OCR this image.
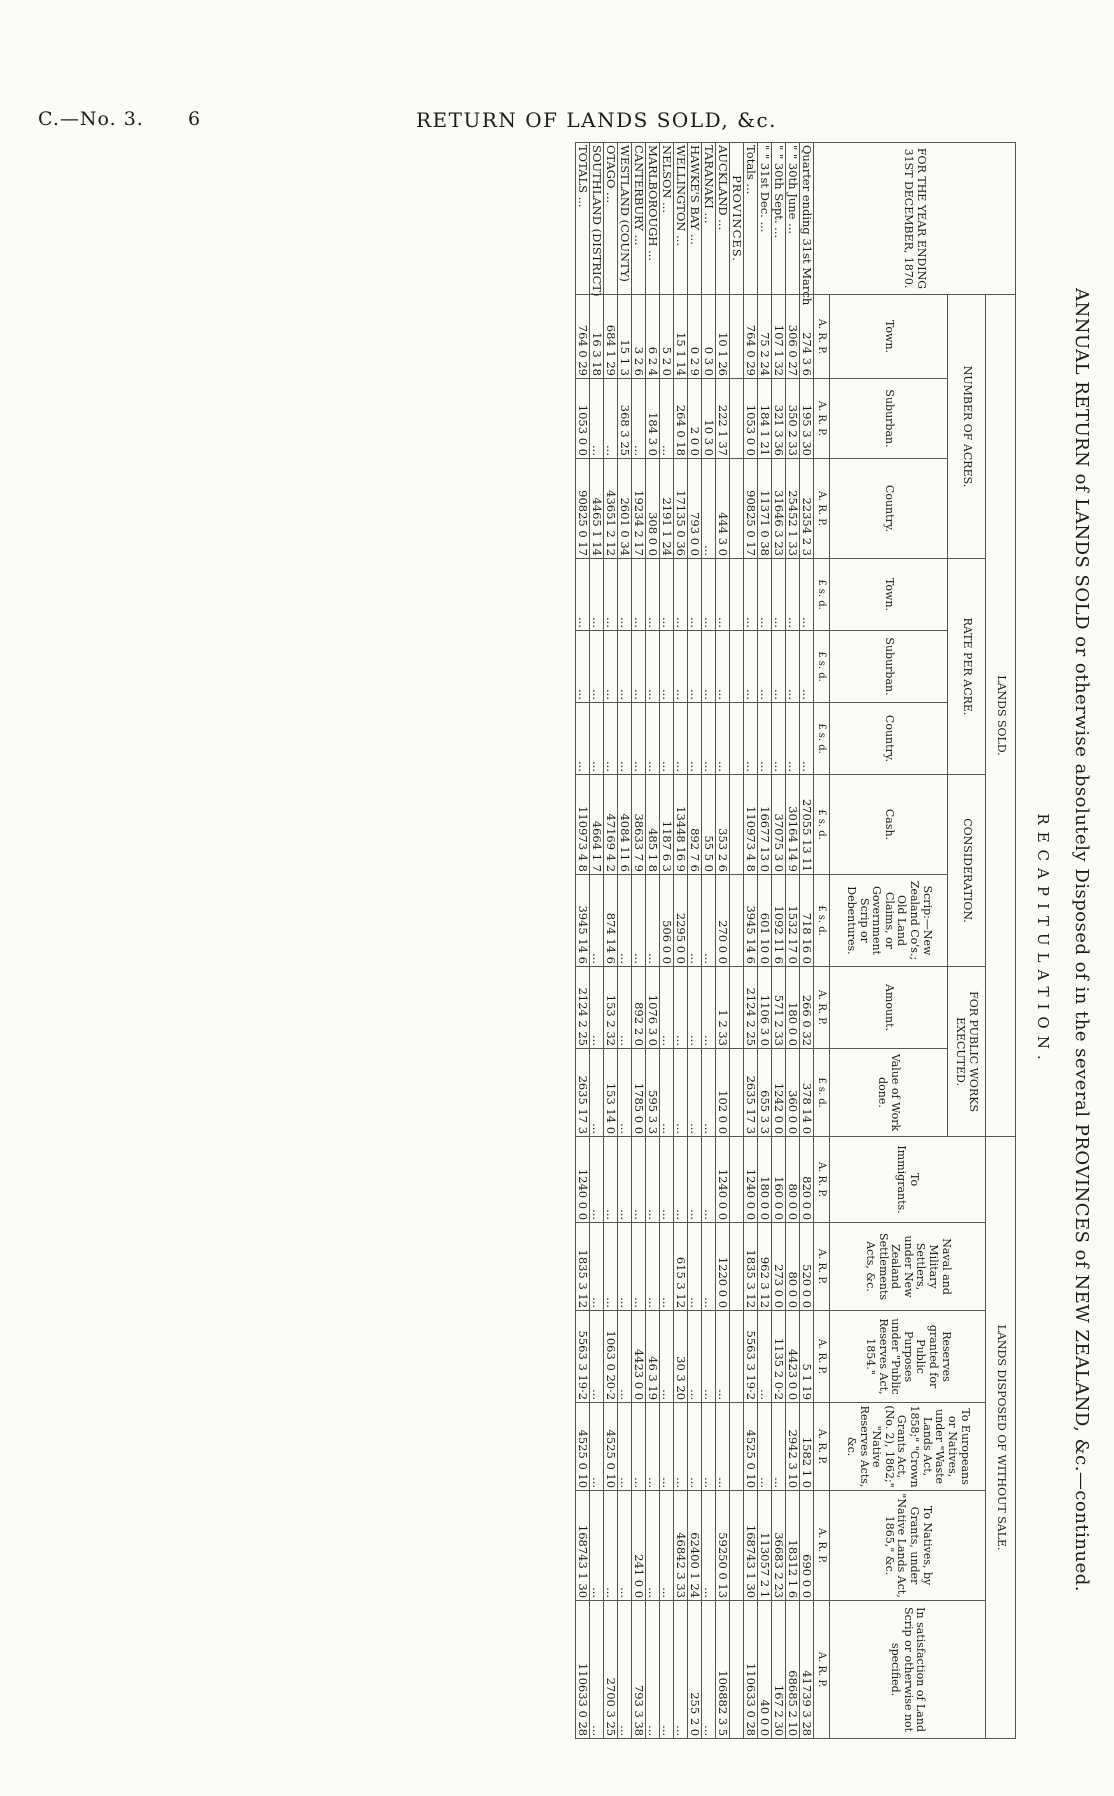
C.—No. 3. 6	RETURN OF LANDS SOLD, &c.
ANNUAL RETURN of LANDS SOLD or otherwise absolutely Disposed of in the several PROVINCES of NEW ZEALAND, &c.—continued.
RECAPITULATION.
FOR THE YEAR ENDING 31ST DECEMBER, 1870.	LANDS SOLD.										LANDS DISPOSED OF WITHOUT SALE.					
	NUMBER OF ACRES.			RATE PER ACRE.			CONSIDERATION.		FOR PUBLIC WORKS EXECUTED.		To Immigrants.	Naval and Military Settlers, under New Zealand Settlements Acts, &c.	Reserves granted for Public Purposes under "Public Reserves Act, 1854."	To Europeans or Natives, under "Waste Lands Act, 1858;" "Crown Grants Act, (No. 2), 1862;" "Native Reserves Acts, &c.	To Natives, by Grants, under "Native Lands Act, 1865," &c.	In satisfaction of Land Scrip or otherwise not specified.
	Town.	Suburban.	Country.	Town.	Suburban.	Country.	Cash.	Scrip:—New Zealand Co's.; Old Land Claims, or Government Scrip or Debentures.	Amount.	Value of Work done.						
	A. R. P.	A. R. P.	A. R. P.	£ s. d.	£ s. d.	£ s. d.	£ s. d.	£ s. d.	A. R. P.	£ s. d.	A. R. P.	A. R. P.	A. R. P.	A. R. P.	A. R. P.	A. R. P.
Quarter ending 31st March	274 3 6	195 3 30	22354 2 3	...	...	...	27055 13 11	718 16 0	266 0 32	378 14 0	820 0 0	520 0 0	5 1 19	1582 1 0	690 0 0	41739 3 28
" " 30th June ...	306 0 27	350 2 33	25452 1 33	...	...	...	30164 14 9	1532 17 0	180 0 0	360 0 0	80 0 0	80 0 0	4423 0 0	2942 3 10	18312 1 6	68685 2 10
" " 30th Sept. ...	107 1 32	321 3 36	31646 3 23	...	...	...	37075 3 0	1092 11 6	571 2 33	1242 0 0	160 0 0	273 0 0	1135 2 0·2	...	36683 2 23	167 2 30
" " 31st Dec. ...	75 2 24	184 1 21	11371 0 38	...	...	...	16677 13 0	601 10 0	1106 3 0	655 3 3	180 0 0	962 3 12	...	...	113057 2 1	40 0 0
Totals ...	764 0 29	1053 0 0	90825 0 17	...	...	...	110973 4 8	3945 14 6	2124 2 25	2635 17 3	1240 0 0	1835 3 12	5563 3 19·2	4525 0 10	168743 1 30	110633 0 28
PROVINCES.																
AUCKLAND ...	10 1 26	222 1 37	444 3 0	...	...	...	353 2 6	270 0 0	1 2 33	102 0 0	1240 0 0	1220 0 0	...	...	59250 0 13	106882 3 5
TARANAKI ...	0 3 0	10 3 0	...	...	...	...	55 5 0	...	...	...	...	...	...	...	...	...
HAWKE'S BAY ...	0 2 9	2 0 0	793 0 0	...	...	...	892 7 6	...	...	...	...	...	...	...	62400 1 24	255 2 0
WELLINGTON ...	15 1 14	264 0 18	17135 0 36	...	...	...	13448 16 9	2295 0 0	...	...	...	615 3 12	30 3 20	...	46842 3 33	...
NELSON ...	5 2 0	...	2191 1 24	...	...	...	1187 6 3	506 0 0	...	...	...	...	...	...	...	...
MARLBOROUGH ...	6 2 4	184 3 0	308 0 0	...	...	...	485 1 8	...	1076 3 0	595 3 3	...	...	46 3 19	...	...	...
CANTERBURY ...	3 2 6	...	19234 2 17	...	...	...	38633 7 9	...	892 2 0	1785 0 0	...	...	4423 0 0	...	241 0 0	793 3 38
WESTLAND (COUNTY)	15 1 3	368 3 25	2601 0 34	...	...	...	4084 11 6	...	...	...	...	...	...	...	...	...
OTAGO ...	684 1 29	...	43651 2 12	...	...	...	47169 4 2	874 14 6	153 2 32	153 14 0	...	...	1063 0 20·2	4525 0 10	...	2700 3 25
SOUTHLAND (DISTRICT)	16 3 18	...	4465 1 14	...	...	...	4664 1 7	...	...	...	...	...	...	...	...	...
TOTALS ...	764 0 29	1053 0 0	90825 0 17	...	...	...	110973 4 8	3945 14 6	2124 2 25	2635 17 3	1240 0 0	1835 3 12	5563 3 19·2	4525 0 10	168743 1 30	110633 0 28
